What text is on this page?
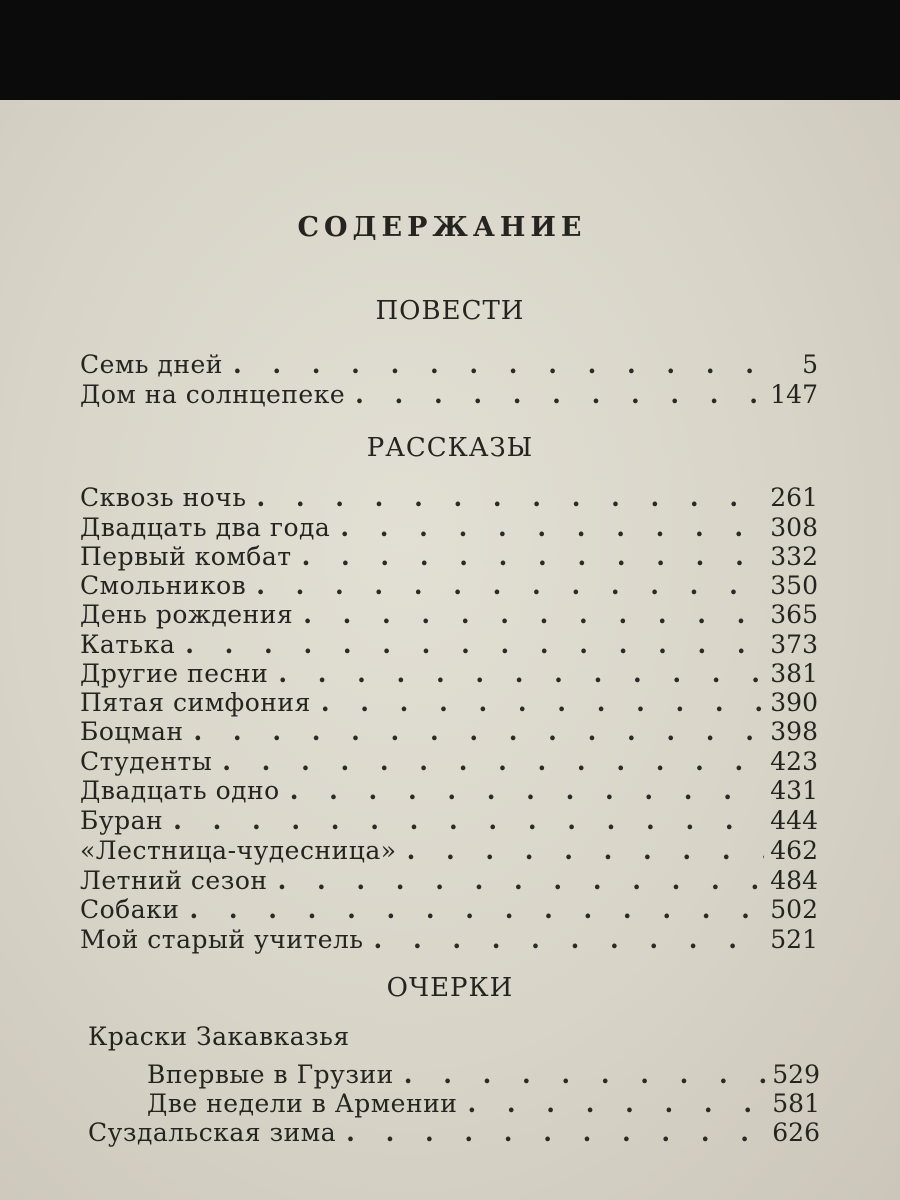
СОДЕРЖАНИЕ
ПОВЕСТИ
Семь дней . . .	5
Дом на солнцепеке . . .	147
РАССКАЗЫ
Сквозь ночь . . .	261
Двадцать два года . . .	308
Первый комбат . . .	332
Смольников . . .	350
День рождения . . .	365
Катька . . .	373
Другие песни . . .	381
Пятая симфония . . .	390
Боцман . . .	398
Студенты . . .	423
Двадцать одно . . .	431
Буран . . .	444
«Лестница-чудесница» . . .	462
Летний сезон . . .	484
Собаки . . .	502
Мой старый учитель . . .	521
ОЧЕРКИ
Краски Закавказья
Впервые в Грузии . . .	529
Две недели в Армении . . .	581
Суздальская зима . . .	626
